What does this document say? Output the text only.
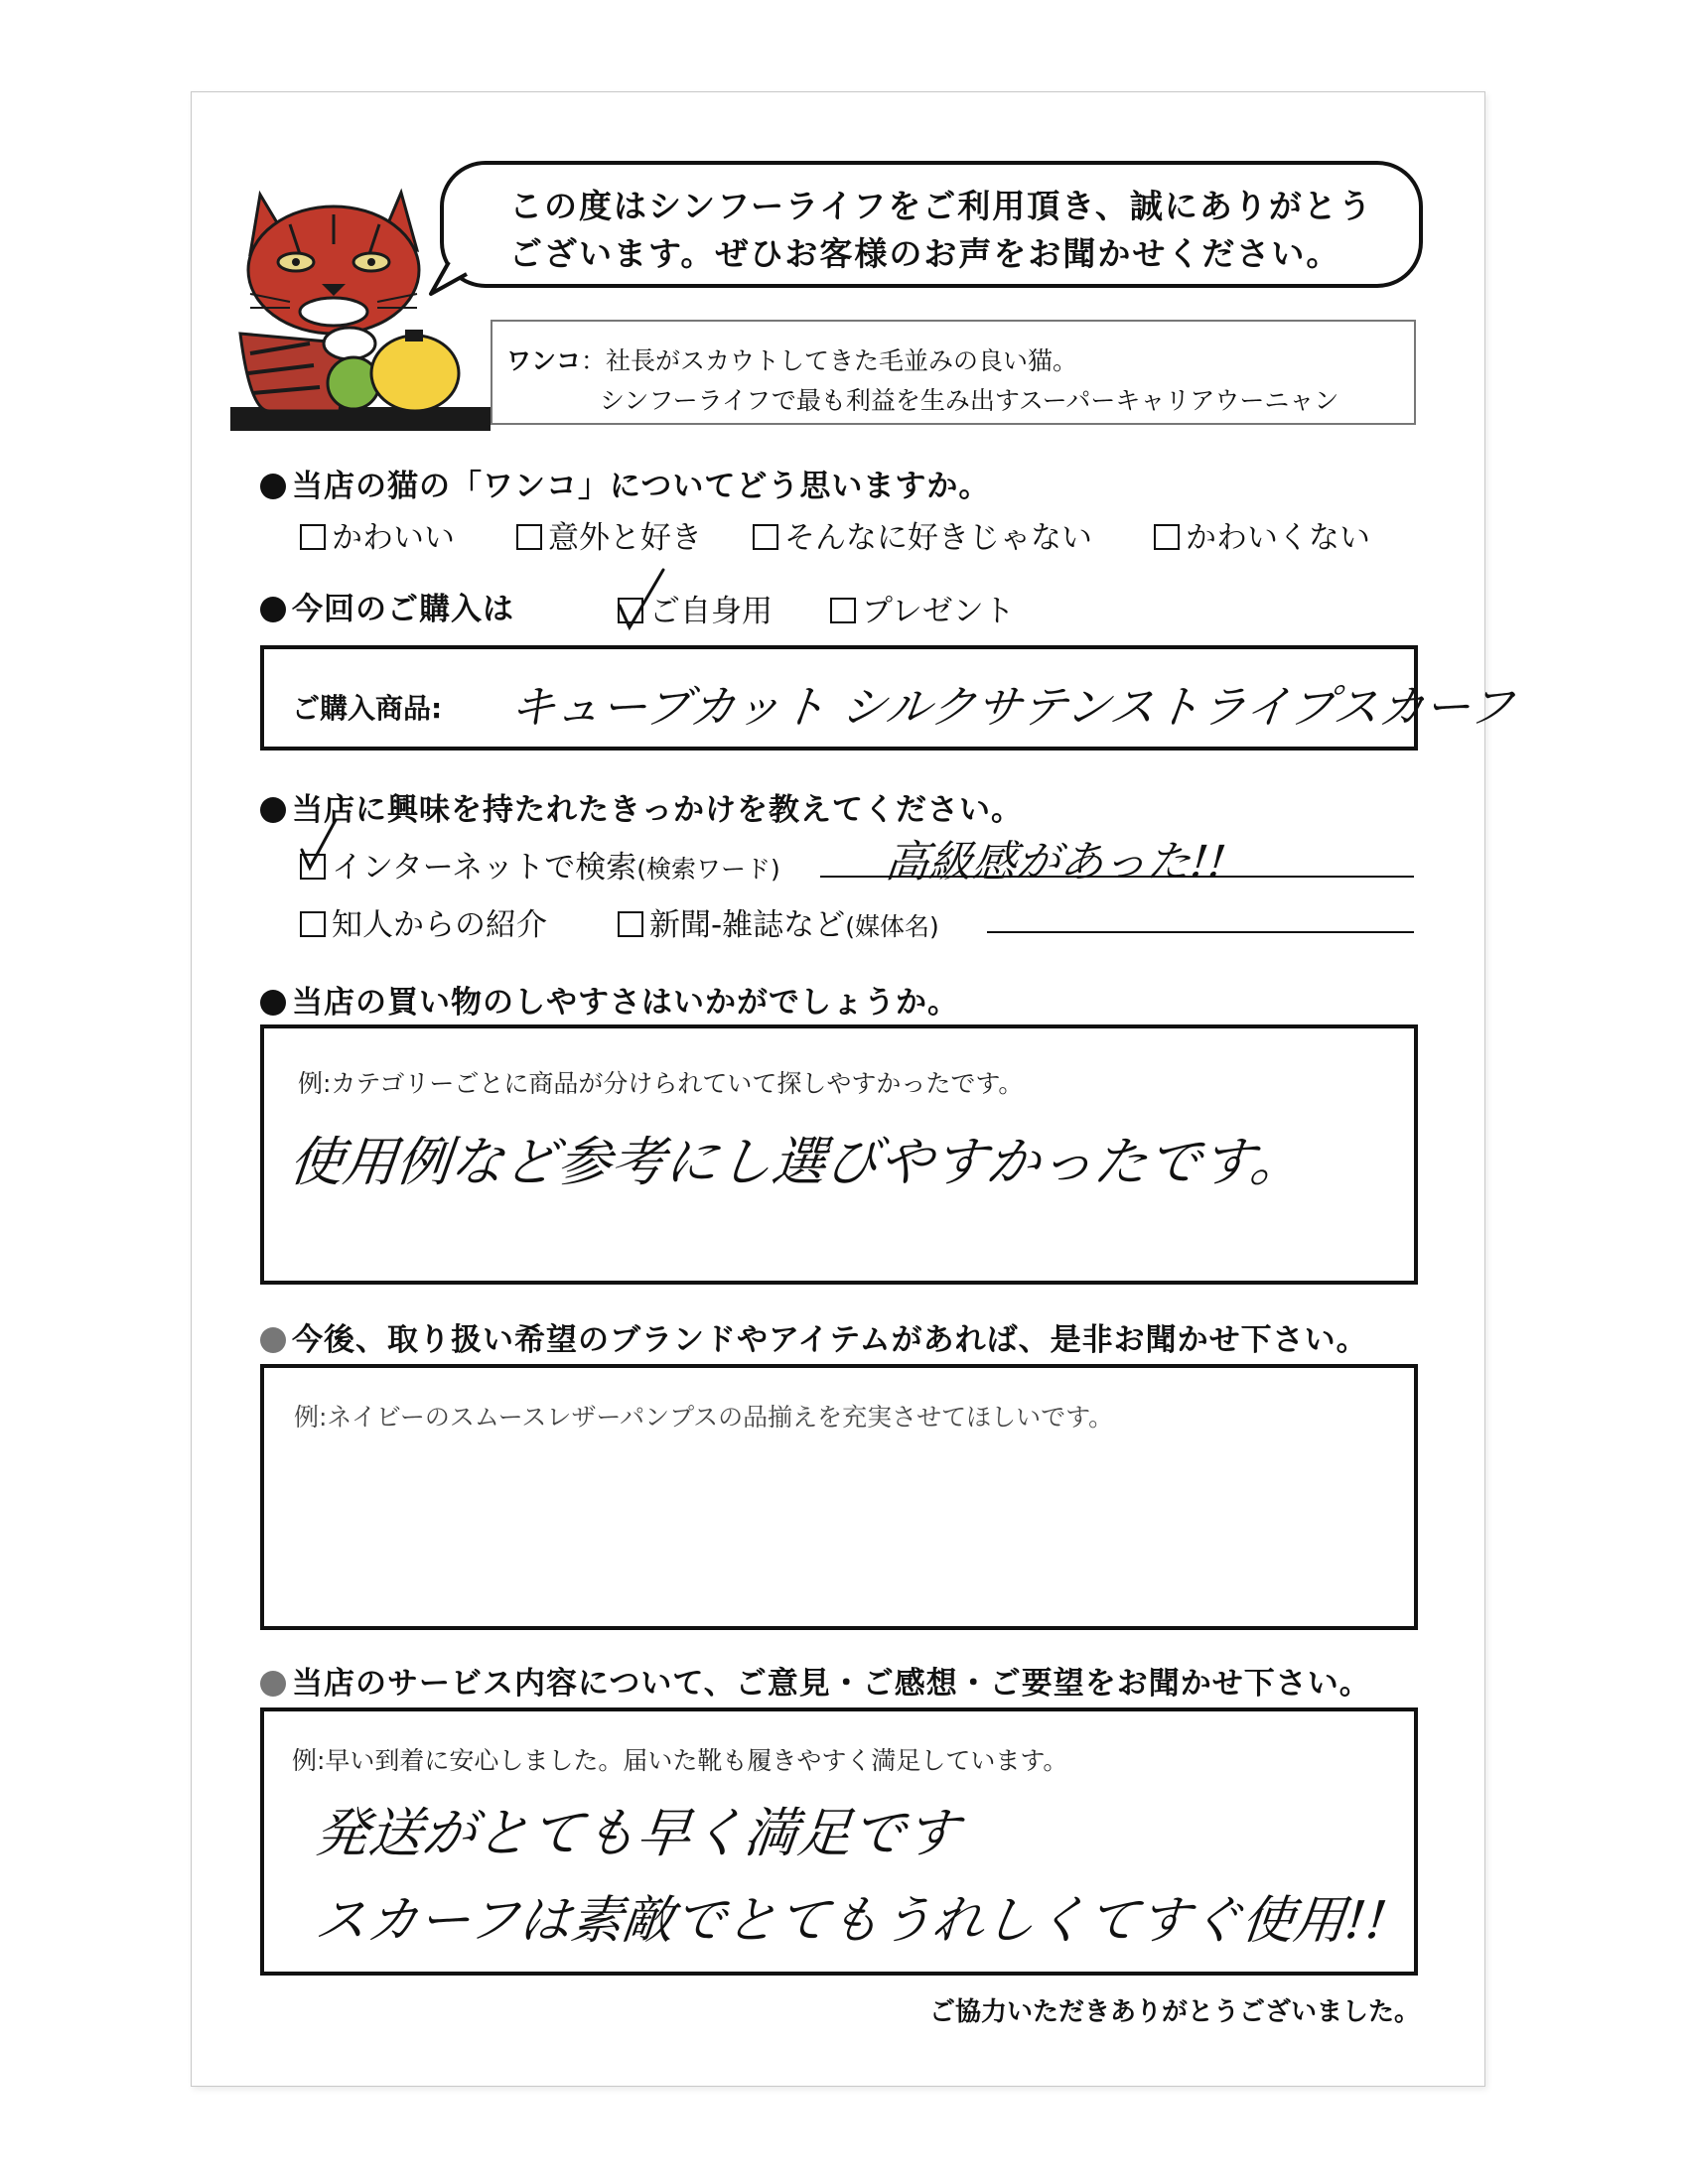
この度はシンフーライフをご利用頂き、誠にありがとう
ございます。ぜひお客様のお声をお聞かせください。
ワンコ：社長がスカウトしてきた毛並みの良い猫。
シンフーライフで最も利益を生み出すスーパーキャリアウーニャン
当店の猫の「ワンコ」についてどう思いますか。
かわいい	意外と好き	そんなに好きじゃない	かわいくない
今回のご購入は	ご自身用	プレゼント
ご購入商品: キューブカット シルクサテンストライプスカーフ
当店に興味を持たれたきっかけを教えてください。
インターネットで検索(検索ワード) 高級感があった!!
知人からの紹介	新聞-雑誌など(媒体名)
当店の買い物のしやすさはいかがでしょうか。
例:カテゴリーごとに商品が分けられていて探しやすかったです。
使用例など参考にし選びやすかったです。
今後、取り扱い希望のブランドやアイテムがあれば、是非お聞かせ下さい。
例:ネイビーのスムースレザーパンプスの品揃えを充実させてほしいです。
当店のサービス内容について、ご意見・ご感想・ご要望をお聞かせ下さい。
例:早い到着に安心しました。届いた靴も履きやすく満足しています。
発送がとても早く満足です
スカーフは素敵でとてもうれしくてすぐ使用!!
ご協力いただきありがとうございました。
